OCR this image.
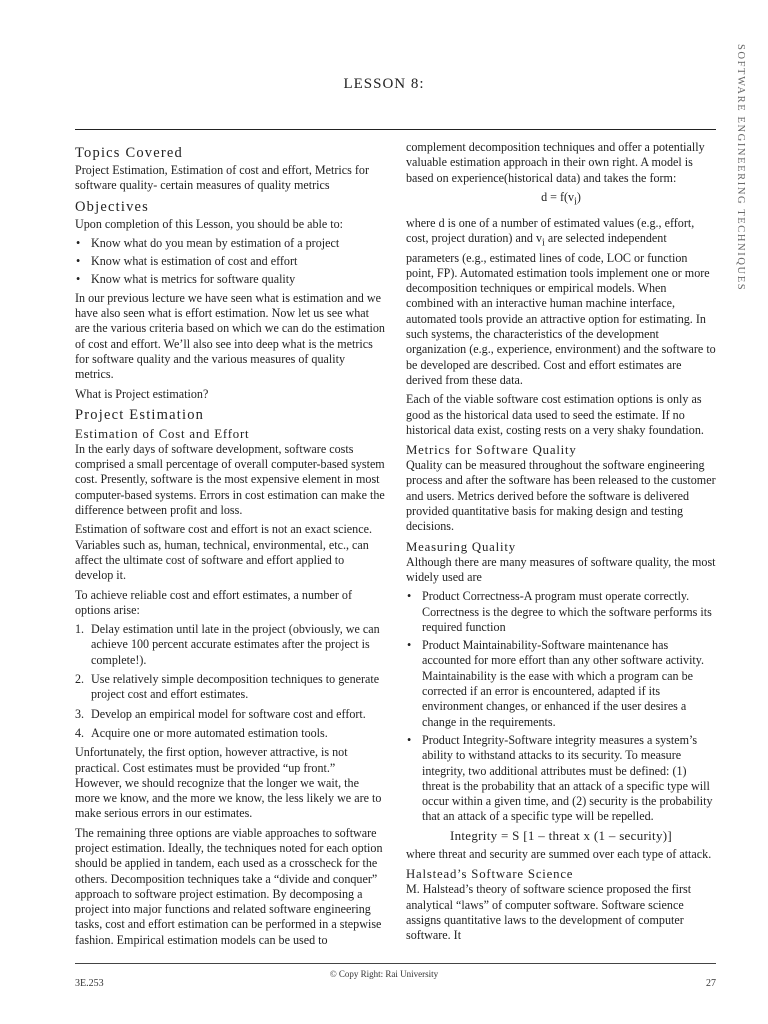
SOFTWARE ENGINEERING TECHNIQUES
LESSON 8:
Topics Covered

Project Estimation, Estimation of cost and effort, Metrics for software quality- certain measures of quality metrics

Objectives

Upon completion of this Lesson, you should be able to:

• Know what do you mean by estimation of a project
• Know what is estimation of cost and effort
• Know what is metrics for software quality

In our previous lecture we have seen what is estimation and we have also seen what is effort estimation. Now let us see what are the various criteria based on which we can do the estimation of cost and effort. We’ll also see into deep what is the metrics for software quality and the various measures of quality metrics.

What is Project estimation?

Project Estimation
Estimation of Cost and Effort

In the early days of software development, software costs comprised a small percentage of overall computer-based system cost. Presently, software is the most expensive element in most computer-based systems. Errors in cost estimation can make the difference between profit and loss.

Estimation of software cost and effort is not an exact science. Variables such as, human, technical, environmental, etc., can affect the ultimate cost of software and effort applied to develop it.

To achieve reliable cost and effort estimates, a number of options arise:

1. Delay estimation until late in the project (obviously, we can achieve 100 percent accurate estimates after the project is complete!).
2. Use relatively simple decomposition techniques to generate project cost and effort estimates.
3. Develop an empirical model for software cost and effort.
4. Acquire one or more automated estimation tools.

Unfortunately, the first option, however attractive, is not practical. Cost estimates must be provided “up front.” However, we should recognize that the longer we wait, the more we know, and the more we know, the less likely we are to make serious errors in our estimates.

The remaining three options are viable approaches to software project estimation. Ideally, the techniques noted for each option should be applied in tandem, each used as a crosscheck for the others. Decomposition techniques take a “divide and conquer” approach to software project estimation. By decomposing a project into major functions and related software engineering tasks, cost and effort estimation can be performed in a stepwise fashion. Empirical estimation models can be used to

complement decomposition techniques and offer a potentially valuable estimation approach in their own right. A model is based on experience(historical data) and takes the form:

$d = f(v_i)$

where d is one of a number of estimated values (e.g., effort, cost, project duration) and $v_i$ are selected independent parameters (e.g., estimated lines of code, LOC or function point, FP). Automated estimation tools implement one or more decomposition techniques or empirical models. When combined with an interactive human machine interface, automated tools provide an attractive option for estimating. In such systems, the characteristics of the development organization (e.g., experience, environment) and the software to be developed are described. Cost and effort estimates are derived from these data.

Each of the viable software cost estimation options is only as good as the historical data used to seed the estimate. If no historical data exist, costing rests on a very shaky foundation.

Metrics for Software Quality

Quality can be measured throughout the software engineering process and after the software has been released to the customer and users. Metrics derived before the software is delivered provided quantitative basis for making design and testing decisions.

Measuring Quality

Although there are many measures of software quality, the most widely used are

• Product Correctness-A program must operate correctly. Correctness is the degree to which the software performs its required function
• Product Maintainability-Software maintenance has accounted for more effort than any other software activity. Maintainability is the ease with which a program can be corrected if an error is encountered, adapted if its environment changes, or enhanced if the user desires a change in the requirements.
• Product Integrity-Software integrity measures a system’s ability to withstand attacks to its security. To measure integrity, two additional attributes must be defined: (1) threat is the probability that an attack of a specific type will occur within a given time, and (2) security is the probability that an attack of a specific type will be repelled.
Integrity = S [1 – threat x (1 – security)]

where threat and security are summed over each type of attack.

Halstead’s Software Science

M. Halstead’s theory of software science proposed the first analytical “laws” of computer software. Software science assigns quantitative laws to the development of computer software. It

© Copy Right: Rai University
3E.253	27
